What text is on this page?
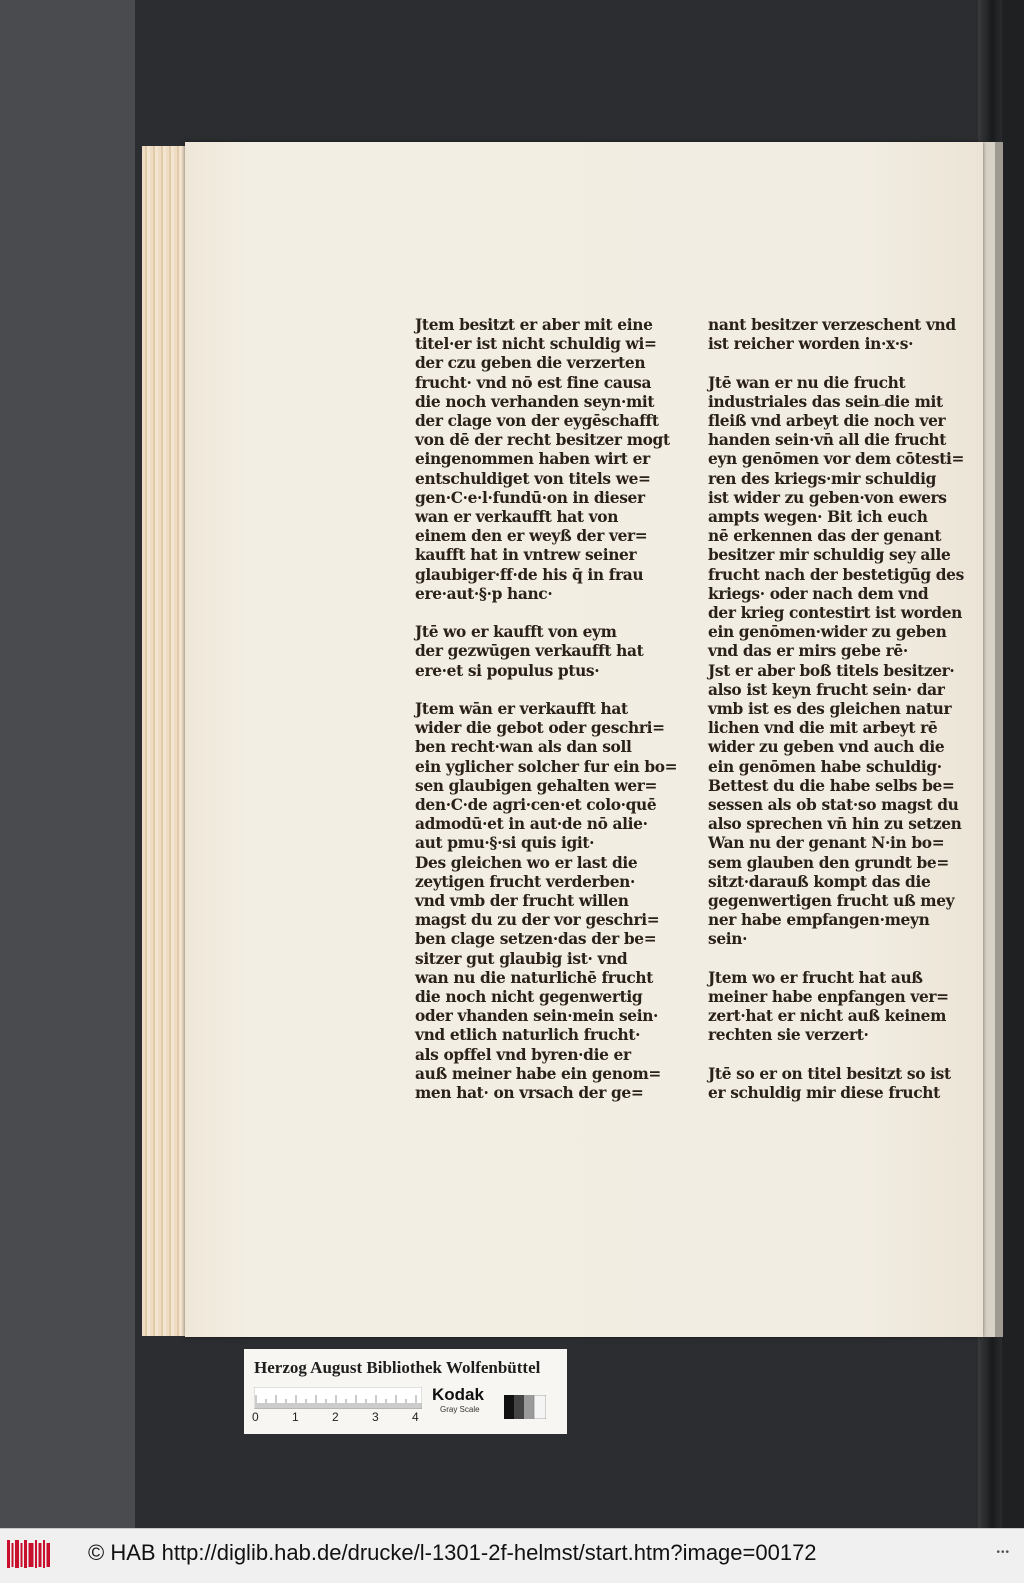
Jtem besitzt er aber mit eine
titel·er ist nicht schuldig wi=
der czu geben die verzerten
frucht· vnd nō est fine causa
die noch verhanden seyn·mit
der clage von der eygēschafft
von dē der recht besitzer mogt
eingenommen haben wirt er
entschuldiget von titels we=
gen·C·e·l·fundū·on in dieser
wan er verkaufft hat von
einem den er weyß der ver=
kaufft hat in vntrew seiner
glaubiger·ff·de his q̄ in frau
ere·aut·§·p hanc·
Jtē wo er kaufft von eym
der gezwūgen verkaufft hat
ere·et si populus ptus·
Jtem wān er verkaufft hat
wider die gebot oder geschri=
ben recht·wan als dan soll
ein yglicher solcher fur ein bo=
sen glaubigen gehalten wer=
den·C·de agri·cen·et colo·quē
admodū·et in aut·de nō alie·
aut pmu·§·si quis igit·
Des gleichen wo er last die
zeytigen frucht verderben·
vnd vmb der frucht willen
magst du zu der vor geschri=
ben clage setzen·das der be=
sitzer gut glaubig ist· vnd
wan nu die naturlichē frucht
die noch nicht gegenwertig
oder vhanden sein·mein sein·
vnd etlich naturlich frucht·
als opffel vnd byren·die er
auß meiner habe ein genom=
men hat· on vrsach der ge=
nant besitzer verzeschent vnd
ist reicher worden in·x·s·
Jtē wan er nu die frucht
industriales das sein die mit
fleiß vnd arbeyt die noch ver
handen sein·vn̄ all die frucht
eyn genōmen vor dem cōtesti=
ren des kriegs·mir schuldig
ist wider zu geben·von ewers
ampts wegen· Bit ich euch
nē erkennen das der genant
besitzer mir schuldig sey alle
frucht nach der bestetigūg des
kriegs· oder nach dem vnd
der krieg contestirt ist worden
ein genōmen·wider zu geben
vnd das er mirs gebe rē·
Jst er aber boß titels besitzer·
also ist keyn frucht sein· dar
vmb ist es des gleichen natur
lichen vnd die mit arbeyt rē
wider zu geben vnd auch die
ein genōmen habe schuldig·
Bettest du die habe selbs be=
sessen als ob stat·so magst du
also sprechen vn̄ hin zu setzen
Wan nu der genant N·in bo=
sem glauben den grundt be=
sitzt·darauß kompt das die
gegenwertigen frucht uß mey
ner habe empfangen·meyn
sein·
Jtem wo er frucht hat auß
meiner habe enpfangen ver=
zert·hat er nicht auß keinem
rechten sie verzert·
Jtē so er on titel besitzt so ist
er schuldig mir diese frucht
Herzog August Bibliothek Wolfenbüttel
0	1	2	3	4
Kodak
Gray Scale
© HAB http://diglib.hab.de/drucke/l-1301-2f-helmst/start.htm?image=00172	•••
